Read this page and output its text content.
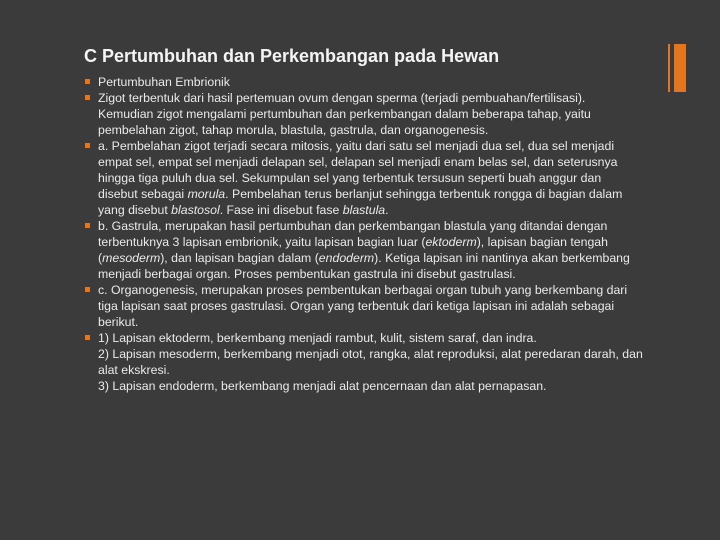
C Pertumbuhan dan Perkembangan pada Hewan

Pertumbuhan Embrionik

Zigot terbentuk dari hasil pertemuan ovum dengan sperma (terjadi pembuahan/fertilisasi). Kemudian zigot mengalami pertumbuhan dan perkembangan dalam beberapa tahap, yaitu pembelahan zigot, tahap morula, blastula, gastrula, dan organogenesis.

a. Pembelahan zigot terjadi secara mitosis, yaitu dari satu sel menjadi dua sel, dua sel menjadi empat sel, empat sel menjadi delapan sel, delapan sel menjadi enam belas sel, dan seterusnya hingga tiga puluh dua sel. Sekumpulan sel yang terbentuk tersusun seperti buah anggur dan disebut sebagai morula. Pembelahan terus berlanjut sehingga terbentuk rongga di bagian dalam yang disebut blastosol. Fase ini disebut fase blastula.

b. Gastrula, merupakan hasil pertumbuhan dan perkembangan blastula yang ditandai dengan terbentuknya 3 lapisan embrionik, yaitu lapisan bagian luar (ektoderm), lapisan bagian tengah (mesoderm), dan lapisan bagian dalam (endoderm). Ketiga lapisan ini nantinya akan berkembang menjadi berbagai organ. Proses pembentukan gastrula ini disebut gastrulasi.

c. Organogenesis, merupakan proses pembentukan berbagai organ tubuh yang berkembang dari tiga lapisan saat proses gastrulasi. Organ yang terbentuk dari ketiga lapisan ini adalah sebagai berikut.

1) Lapisan ektoderm, berkembang menjadi rambut, kulit, sistem saraf, dan indra.
2) Lapisan mesoderm, berkembang menjadi otot, rangka, alat reproduksi, alat peredaran darah, dan alat ekskresi.
3) Lapisan endoderm, berkembang menjadi alat pencernaan dan alat pernapasan.
